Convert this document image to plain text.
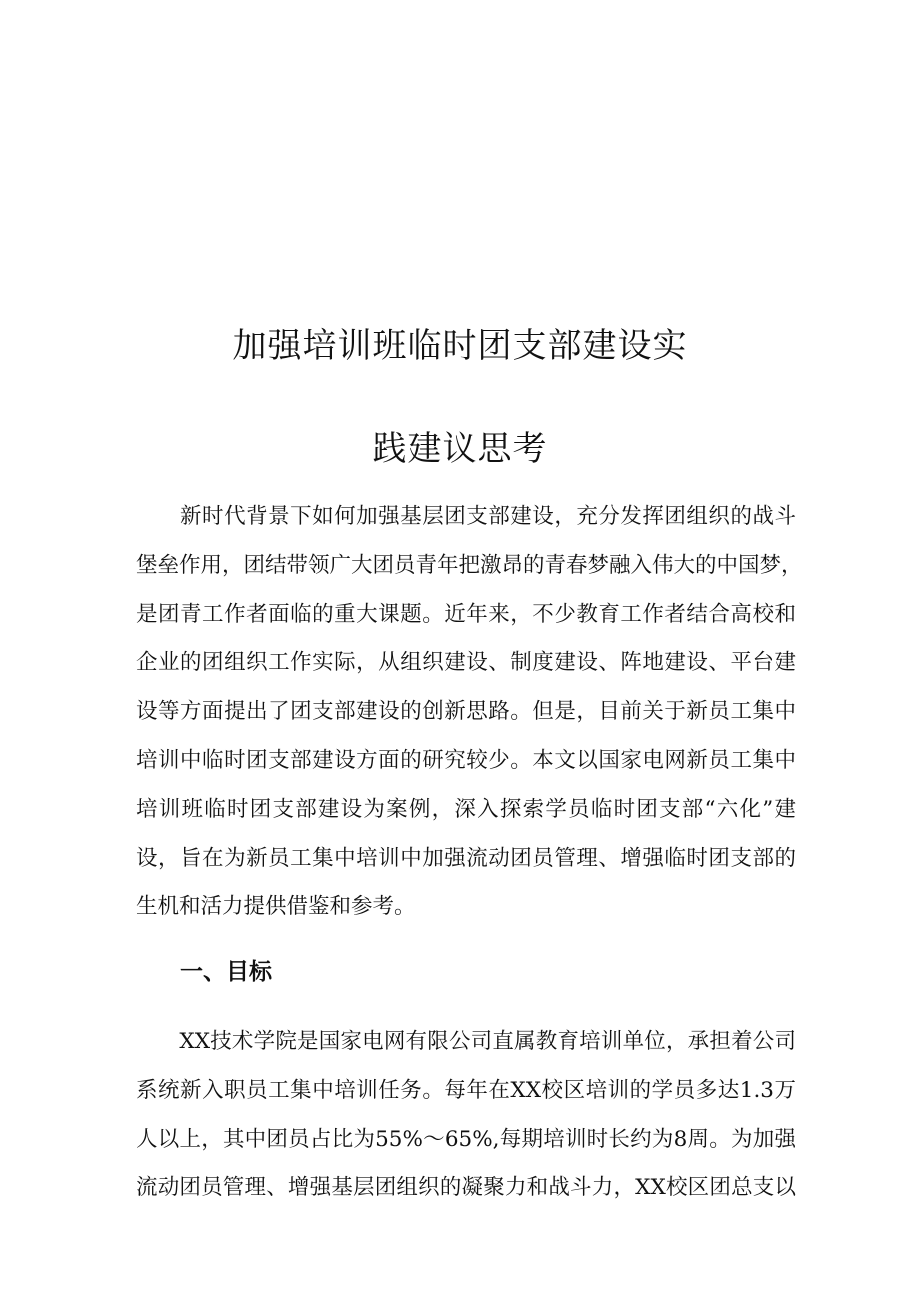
加强培训班临时团支部建设实
践建议思考
　　新时代背景下如何加强基层团支部建设，充分发挥团组织的战斗
堡垒作用，团结带领广大团员青年把激昂的青春梦融入伟大的中国梦，
是团青工作者面临的重大课题。近年来，不少教育工作者结合高校和
企业的团组织工作实际，从组织建设、制度建设、阵地建设、平台建
设等方面提出了团支部建设的创新思路。但是，目前关于新员工集中
培训中临时团支部建设方面的研究较少。本文以国家电网新员工集中
培训班临时团支部建设为案例，深入探索学员临时团支部“六化”建
设，旨在为新员工集中培训中加强流动团员管理、增强临时团支部的
生机和活力提供借鉴和参考。
一、目标
　　XX技术学院是国家电网有限公司直属教育培训单位，承担着公司
系统新入职员工集中培训任务。每年在XX校区培训的学员多达1.3万
人以上，其中团员占比为55%～65%,每期培训时长约为8周。为加强
流动团员管理、增强基层团组织的凝聚力和战斗力，XX校区团总支以
